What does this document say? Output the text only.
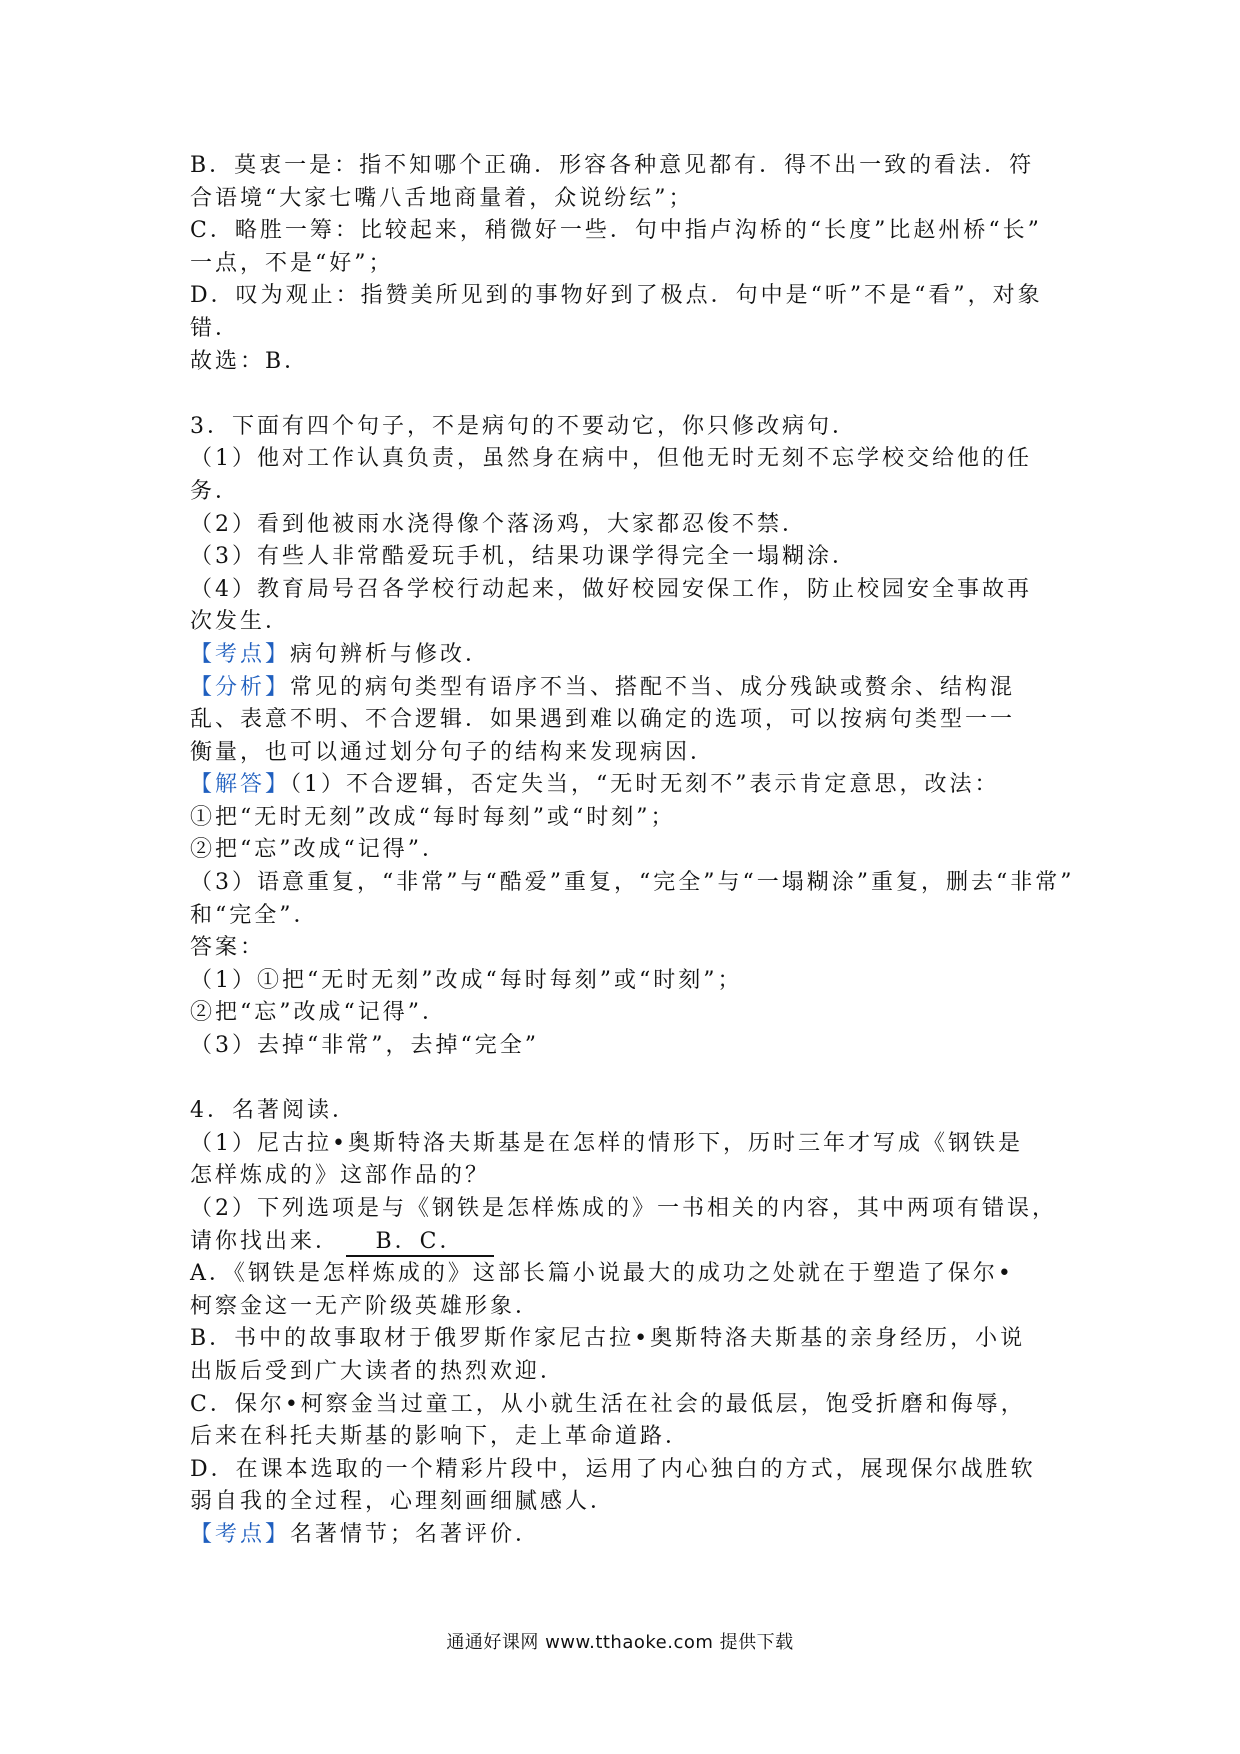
B．莫衷一是：指不知哪个正确．形容各种意见都有．得不出一致的看法．符
合语境“大家七嘴八舌地商量着，众说纷纭”；
C．略胜一筹：比较起来，稍微好一些．句中指卢沟桥的“长度”比赵州桥“长”
一点，不是“好”；
D．叹为观止：指赞美所见到的事物好到了极点．句中是“听”不是“看”，对象
错．
故选：B．
3．下面有四个句子，不是病句的不要动它，你只修改病句．
（1）他对工作认真负责，虽然身在病中，但他无时无刻不忘学校交给他的任
务．
（2）看到他被雨水浇得像个落汤鸡，大家都忍俊不禁．
（3）有些人非常酷爱玩手机，结果功课学得完全一塌糊涂．
（4）教育局号召各学校行动起来，做好校园安保工作，防止校园安全事故再
次发生．
【考点】病句辨析与修改．
【分析】常见的病句类型有语序不当、搭配不当、成分残缺或赘余、结构混
乱、表意不明、不合逻辑．如果遇到难以确定的选项，可以按病句类型一一
衡量，也可以通过划分句子的结构来发现病因．
【解答】（1）不合逻辑，否定失当，“无时无刻不”表示肯定意思，改法：
①把“无时无刻”改成“每时每刻”或“时刻”；
②把“忘”改成“记得”．
（3）语意重复，“非常”与“酷爱”重复，“完全”与“一塌糊涂”重复，删去“非常”
和“完全”．
答案：
（1）①把“无时无刻”改成“每时每刻”或“时刻”；
②把“忘”改成“记得”．
（3）去掉“非常”，去掉“完全”
4．名著阅读．
（1）尼古拉•奥斯特洛夫斯基是在怎样的情形下，历时三年才写成《钢铁是
怎样炼成的》这部作品的？
（2）下列选项是与《钢铁是怎样炼成的》一书相关的内容，其中两项有错误，
请你找出来． B．C．
A．《钢铁是怎样炼成的》这部长篇小说最大的成功之处就在于塑造了保尔•
柯察金这一无产阶级英雄形象．
B．书中的故事取材于俄罗斯作家尼古拉•奥斯特洛夫斯基的亲身经历，小说
出版后受到广大读者的热烈欢迎．
C．保尔•柯察金当过童工，从小就生活在社会的最低层，饱受折磨和侮辱，
后来在科托夫斯基的影响下，走上革命道路．
D．在课本选取的一个精彩片段中，运用了内心独白的方式，展现保尔战胜软
弱自我的全过程，心理刻画细腻感人．
【考点】名著情节；名著评价．
通通好课网 www.tthaoke.com 提供下载
